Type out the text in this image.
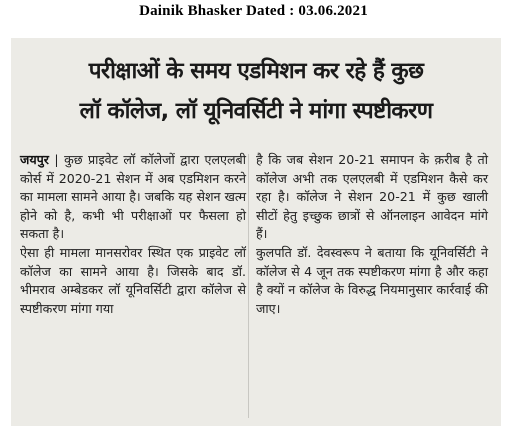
Dainik Bhasker Dated : 03.06.2021
परीक्षाओं के समय एडमिशन कर रहे हैं कुछ
लॉ कॉलेज, लॉ यूनिवर्सिटी ने मांगा स्पष्टीकरण

जयपुर | कुछ प्राइवेट लॉ कॉलेजों द्वारा एलएलबी कोर्स में 2020-21 सेशन में अब एडमिशन करने का मामला सामने आया है। जबकि यह सेशन खत्म होने को है, कभी भी परीक्षाओं पर फैसला हो सकता है।

ऐसा ही मामला मानसरोवर स्थित एक प्राइवेट लॉ कॉलेज का सामने आया है। जिसके बाद डॉ. भीमराव अम्बेडकर लॉ यूनिवर्सिटी द्वारा कॉलेज से स्पष्टीकरण मांगा गया

है कि जब सेशन 20-21 समापन के क़रीब है तो कॉलेज अभी तक एलएलबी में एडमिशन कैसे कर रहा है। कॉलेज ने सेशन 20-21 में कुछ खाली सीटों हेतु इच्छुक छात्रों से ऑनलाइन आवेदन मांगे हैं।

कुलपति डॉ. देवस्वरूप ने बताया कि यूनिवर्सिटी ने कॉलेज से 4 जून तक स्पष्टीकरण मांगा है और कहा है क्यों न कॉलेज के विरुद्ध नियमानुसार कार्रवाई की जाए।
